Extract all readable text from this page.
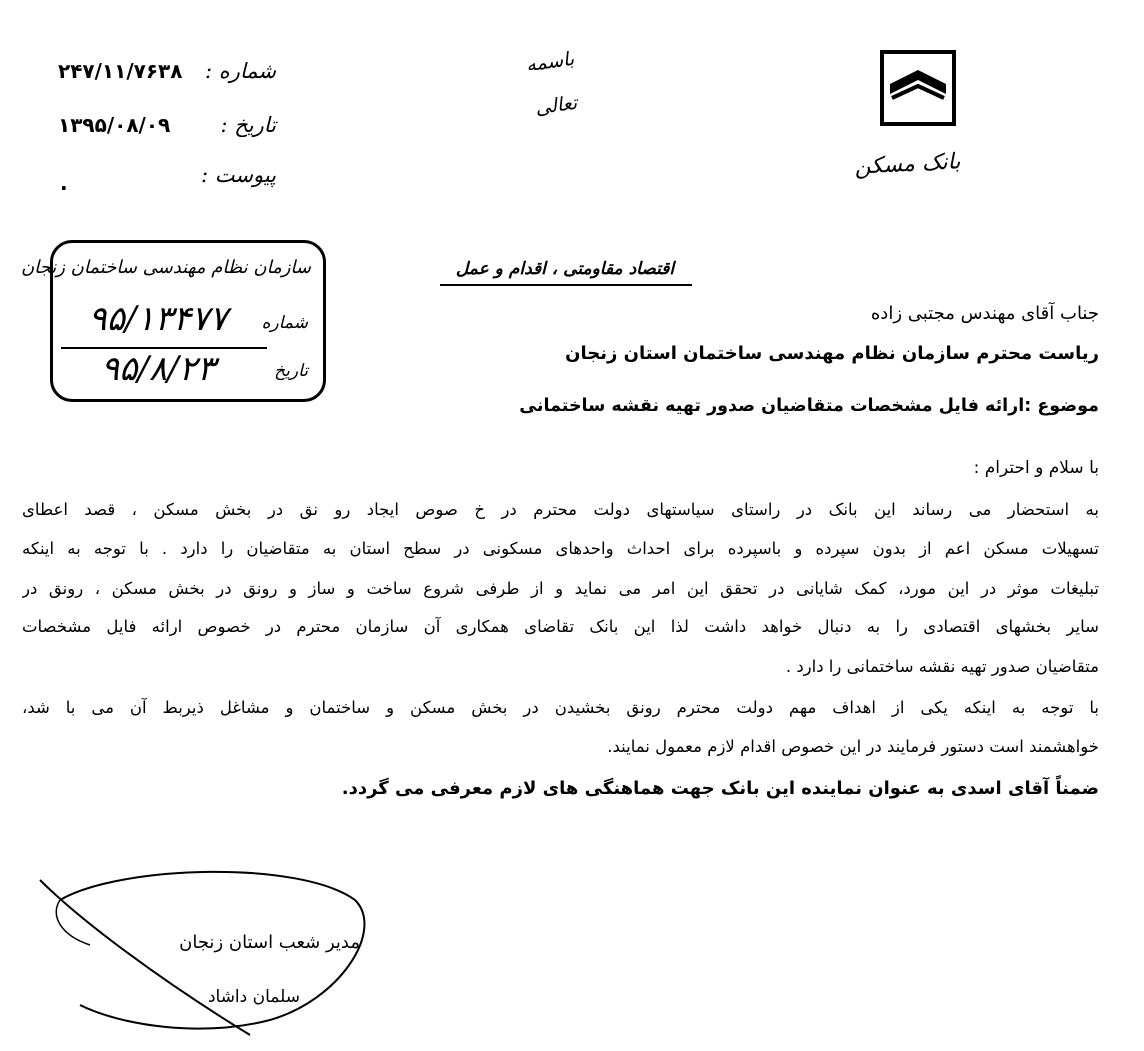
شماره :
۲۴۷/۱۱/۷۶۳۸
تاریخ :
۱۳۹۵/۰۸/۰۹
پیوست :
.
باسمه تعالی
بانک مسکن
سازمان نظام مهندسی ساختمان زنجان
شماره
۹۵/۱۳۴۷۷
تاریخ
۹۵/۸/۲۳
اقتصاد مقاومتی ، اقدام و عمل
جناب آقای مهندس مجتبی زاده
ریاست محترم سازمان نظام مهندسی ساختمان استان زنجان
موضوع :ارائه فایل مشخصات متقاضیان صدور تهیه نقشه ساختمانی
با سلام و احترام :
به استحضار می رساند این بانک در راستای سیاستهای دولت محترم در خ صوص ایجاد رو نق در بخش مسکن ، قصد اعطای
تسهیلات مسکن اعم از بدون سپرده و باسپرده برای احداث واحدهای مسکونی در سطح استان به متقاضیان را دارد . با توجه به اینکه
تبلیغات موثر در این مورد، کمک شایانی در تحقق این امر می نماید و از طرفی شروع ساخت و ساز و رونق در بخش مسکن ، رونق در
سایر بخشهای اقتصادی را به دنبال خواهد داشت لذا این بانک تقاضای همکاری آن سازمان محترم در خصوص ارائه فایل مشخصات
متقاضیان صدور تهیه نقشه ساختمانی را دارد .
با توجه به اینکه یکی از اهداف مهم دولت محترم رونق بخشیدن در بخش مسکن و ساختمان و مشاغل ذیربط آن می با شد،
خواهشمند است دستور فرمایند در این خصوص اقدام لازم معمول نمایند.
ضمناً آقای اسدی به عنوان نماینده این بانک جهت هماهنگی های لازم معرفی می گردد.
مدیر شعب استان زنجان
سلمان داشاد
